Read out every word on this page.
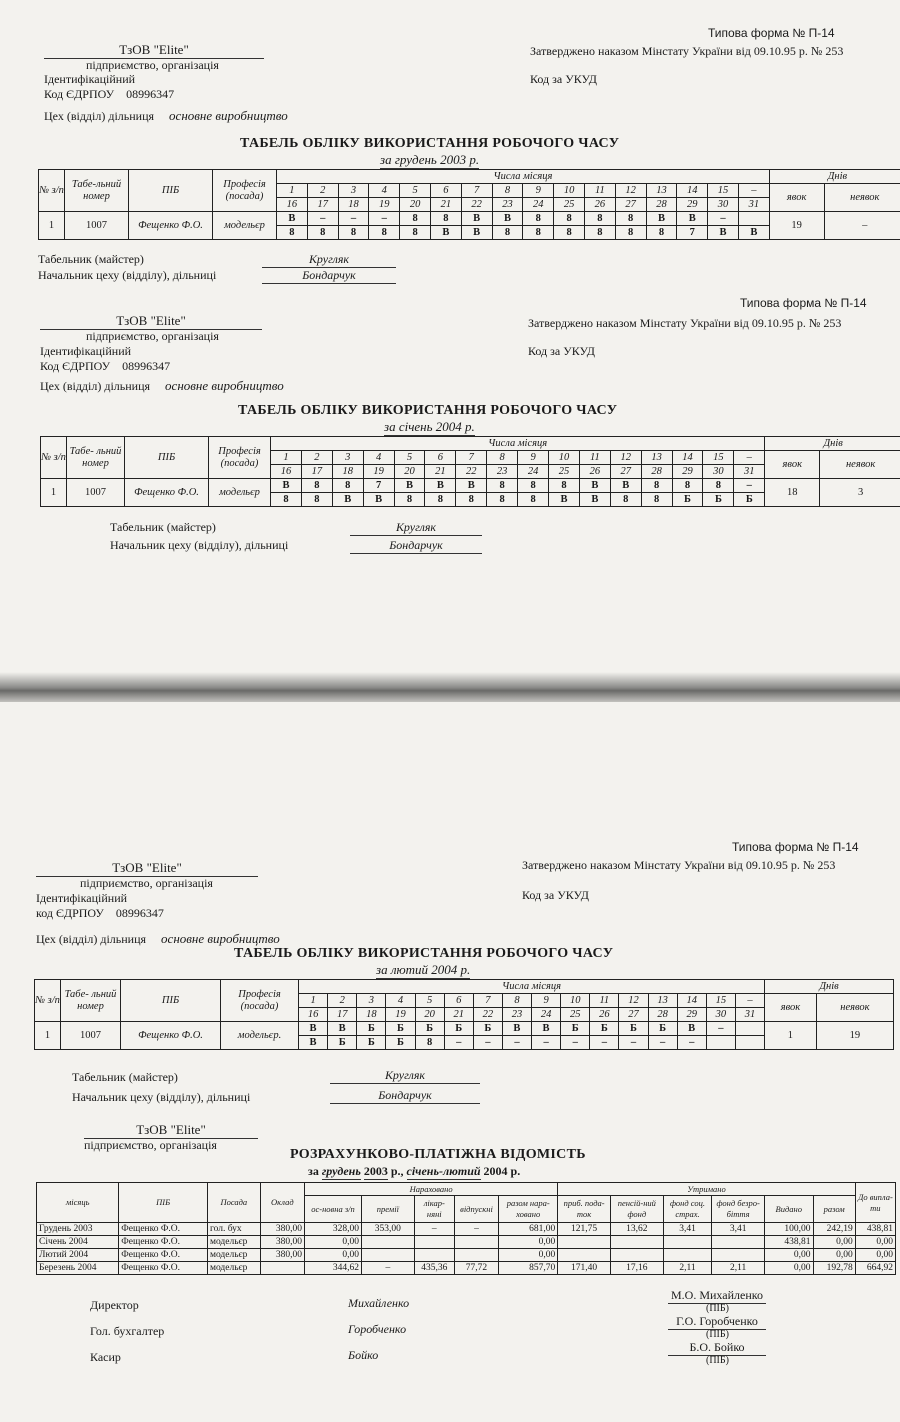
Типова форма № П-14
Затверджено наказом Мінстату України від 09.10.95 р. № 253
Код за УКУД
ТзОВ "Elite"
підприємство, організація
Ідентифікаційний
Код ЄДРПОУ 08996347
Цех (відділ) дільниця основне виробництво
ТАБЕЛЬ ОБЛІКУ ВИКОРИСТАННЯ РОБОЧОГО ЧАСУ
за грудень 2003 р.
№ з/п	Табе-льний номер	ПІБ	Професія (посада)	Числа місяця																Днів	
				1	2	3	4	5	6	7	8	9	10	11	12	13	14	15	–	явок	неявок
				16	17	18	19	20	21	22	23	24	25	26	27	28	29	30	31		
1	1007	Фещенко Ф.О.	модельєр	В	–	–	–	8	8	В	В	8	8	8	8	В	В	–		19	–
				8	8	8	8	8	В	В	8	8	8	8	8	8	7	В	В		
Табельник (майстер)	Кругляк
Начальник цеху (відділу), дільниці	Бондарчук
Типова форма № П-14
Затверджено наказом Мінстату України від 09.10.95 р. № 253
Код за УКУД
ТзОВ "Elite"
підприємство, організація
Ідентифікаційний
Код ЄДРПОУ 08996347
Цех (відділ) дільниця основне виробництво
ТАБЕЛЬ ОБЛІКУ ВИКОРИСТАННЯ РОБОЧОГО ЧАСУ
за січень 2004 р.
№ з/п	Табе- льний номер	ПІБ	Професія (посада)	Числа місяця																Днів	
				1	2	3	4	5	6	7	8	9	10	11	12	13	14	15	–	явок	неявок
				16	17	18	19	20	21	22	23	24	25	26	27	28	29	30	31		
1	1007	Фещенко Ф.О.	модельєр	В	8	8	7	В	В	В	8	8	8	В	В	8	8	8	–	18	3
				8	8	В	В	8	8	8	8	8	В	В	8	8	Б	Б	Б		
Табельник (майстер)	Кругляк
Начальник цеху (відділу), дільниці	Бондарчук
Типова форма № П-14
Затверджено наказом Мінстату України від 09.10.95 р. № 253
Код за УКУД
ТзОВ "Elite"
підприємство, організація
Ідентифікаційний
код ЄДРПОУ 08996347
Цех (відділ) дільниця основне виробництво
ТАБЕЛЬ ОБЛІКУ ВИКОРИСТАННЯ РОБОЧОГО ЧАСУ
за лютий 2004 р.
№ з/п	Табе- льний номер	ПІБ	Професія (посада)	Числа місяця																Днів	
				1	2	3	4	5	6	7	8	9	10	11	12	13	14	15	–	явок	неявок
				16	17	18	19	20	21	22	23	24	25	26	27	28	29	30	31		
1	1007	Фещенко Ф.О.	модельєр.	В	В	Б	Б	Б	Б	Б	В	В	Б	Б	Б	Б	В	–		1	19
				В	Б	Б	Б	8	–	–	–	–	–	–	–	–	–				
Табельник (майстер)	Кругляк
Начальник цеху (відділу), дільниці	Бондарчук
ТзОВ "Elite"
підприємство, організація
РОЗРАХУНКОВО-ПЛАТІЖНА ВІДОМІСТЬ
за грудень 2003 р., січень-лютий 2004 р.
місяць	ПІБ	Посада	Оклад	Нараховано					Утримано						До випла-ти
				ос-новна з/п	премії	лікар-няні	відпускні	разом нара-ховано	приб. пода-ток	пенсій-ний фонд	фонд соц. страх.	фонд безро-біття	Видано	разом	
Грудень 2003	Фещенко Ф.О.	гол. бух	380,00	328,00	353,00	–	–	681,00	121,75	13,62	3,41	3,41	100,00	242,19	438,81
Січень 2004	Фещенко Ф.О.	модельєр	380,00	0,00				0,00					438,81	0,00	0,00
Лютий 2004	Фещенко Ф.О.	модельєр	380,00	0,00				0,00					0,00	0,00	0,00
Березень 2004	Фещенко Ф.О.	модельєр		344,62	–	435,36	77,72	857,70	171,40	17,16	2,11	2,11	0,00	192,78	664,92
Директор	Михайленко
М.О. Михайленко
(ПІБ)
Гол. бухгалтер	Горобченко
Г.О. Горобченко
(ПІБ)
Касир	Бойко
Б.О. Бойко
(ПІБ)
